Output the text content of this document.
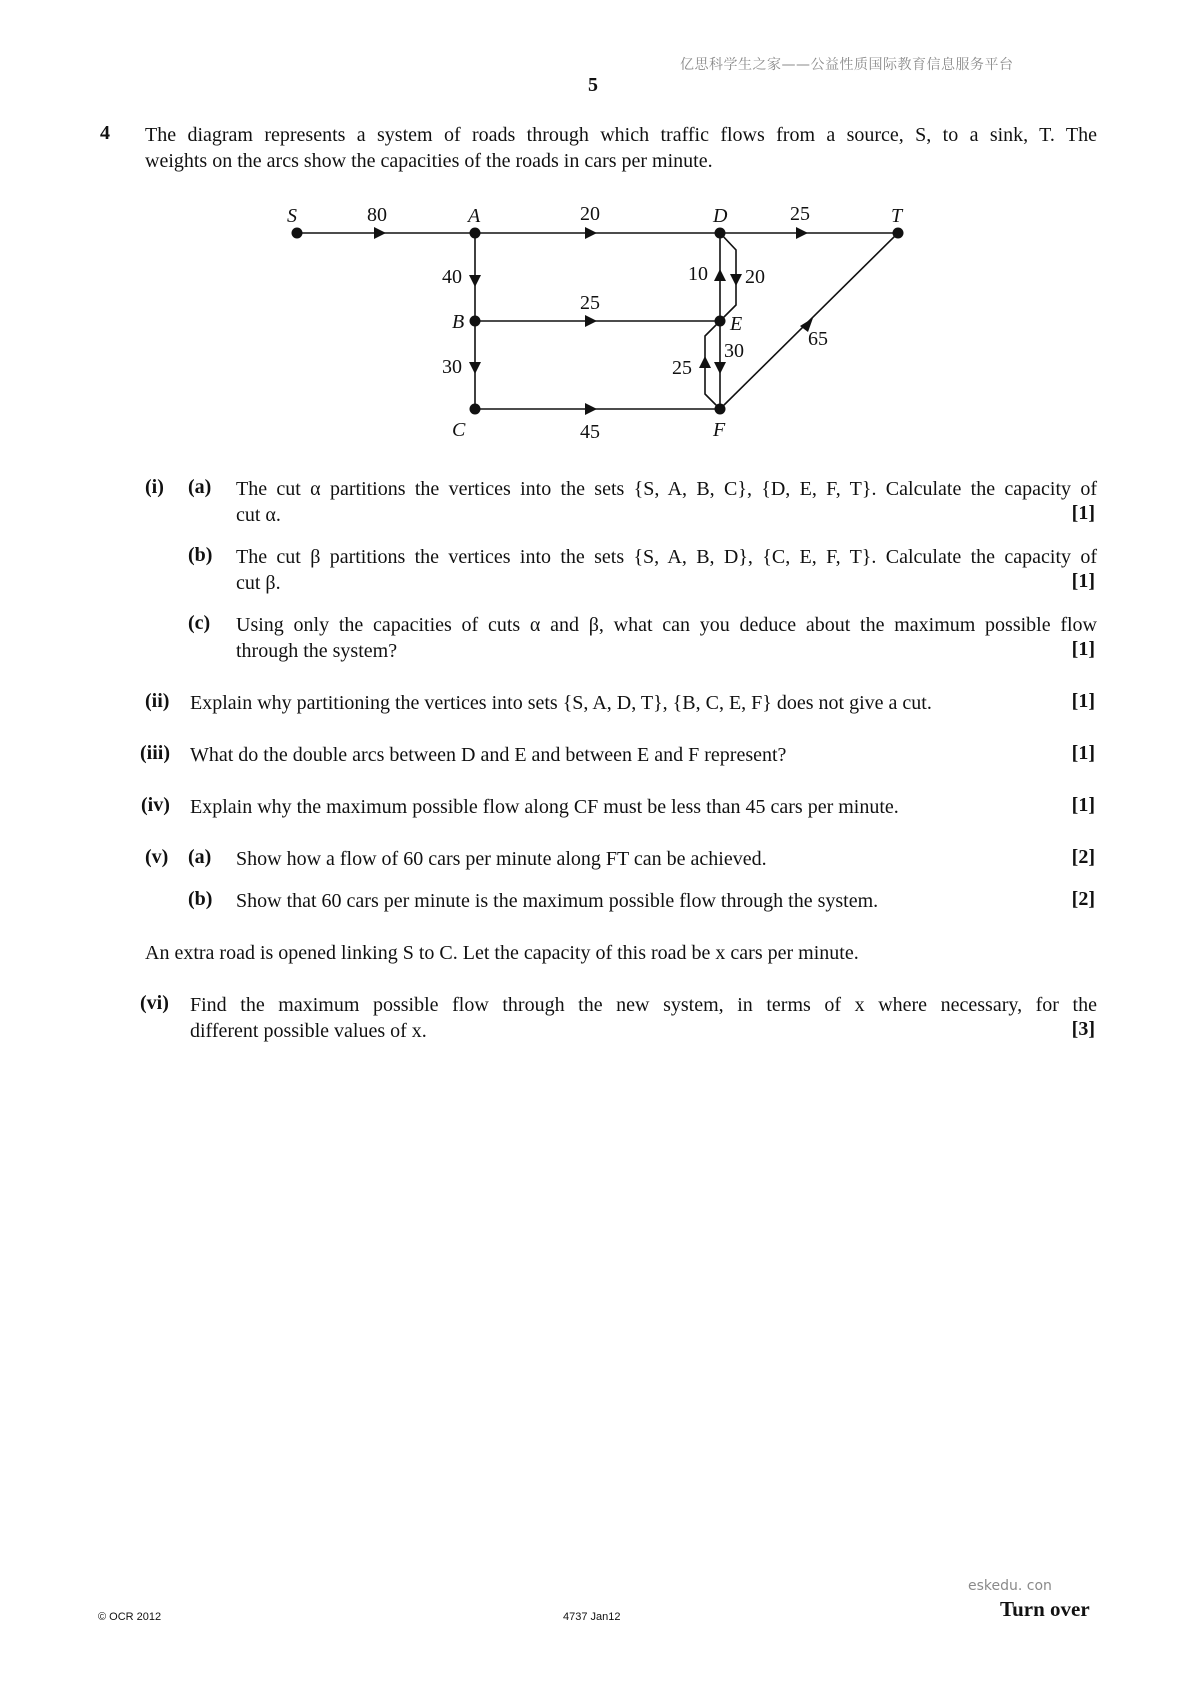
亿思科学生之家——公益性质国际教育信息服务平台
5
4 The diagram represents a system of roads through which traffic flows from a source, S, to a sink, T. The
weights on the arcs show the capacities of the roads in cars per minute.
S	A	D	T
B	E
C	F
80	20	25
40
25
10 20
30	25
30
65
45
(i) (a) The cut α partitions the vertices into the sets {S, A, B, C}, {D, E, F, T}. Calculate the capacity of
cut α.	[1]
(b) The cut β partitions the vertices into the sets {S, A, B, D}, {C, E, F, T}. Calculate the capacity of
cut β.	[1]
(c) Using only the capacities of cuts α and β, what can you deduce about the maximum possible flow
through the system?	[1]
(ii) Explain why partitioning the vertices into sets {S, A, D, T}, {B, C, E, F} does not give a cut.	[1]
(iii) What do the double arcs between D and E and between E and F represent?	[1]
(iv) Explain why the maximum possible flow along CF must be less than 45 cars per minute.	[1]
(v) (a) Show how a flow of 60 cars per minute along FT can be achieved.	[2]
(b) Show that 60 cars per minute is the maximum possible flow through the system.	[2]
An extra road is opened linking S to C. Let the capacity of this road be x cars per minute.
(vi) Find the maximum possible flow through the new system, in terms of x where necessary, for the
different possible values of x.	[3]
eskedu. con
© OCR 2012	4737 Jan12	Turn over
